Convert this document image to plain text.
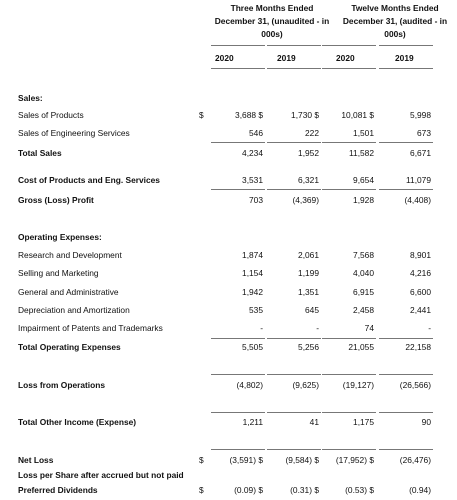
Three Months Ended December 31, (unaudited - in 000s)
Twelve Months Ended December 31, (audited - in 000s)
2020	2019	2020	2019
Sales:
Sales of Products	$	3,688 $	1,730 $	10,081 $	5,998
Sales of Engineering Services	546	222	1,501	673
Total Sales	4,234	1,952	11,582	6,671
Cost of Products and Eng. Services	3,531	6,321	9,654	11,079
Gross (Loss) Profit	703	(4,369)	1,928	(4,408)
Operating Expenses:
Research and Development	1,874	2,061	7,568	8,901
Selling and Marketing	1,154	1,199	4,040	4,216
General and Administrative	1,942	1,351	6,915	6,600
Depreciation and Amortization	535	645	2,458	2,441
Impairment of Patents and Trademarks	-	-	74	-
Total Operating Expenses	5,505	5,256	21,055	22,158
Loss from Operations	(4,802)	(9,625)	(19,127)	(26,566)
Total Other Income (Expense)	1,211	41	1,175	90
Net Loss	$	(3,591) $	(9,584) $	(17,952) $	(26,476)
Loss per Share after accrued but not paid
Preferred Dividends	$	(0.09) $	(0.31) $	(0.53) $	(0.94)
